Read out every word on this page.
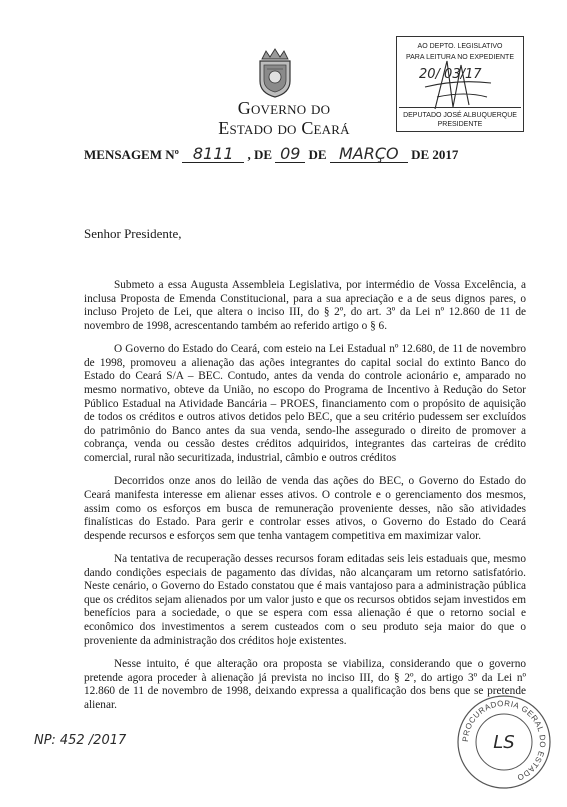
Governo do
Estado do Ceará
AO DEPTO. LEGISLATIVO
PARA LEITURA NO EXPEDIENTE
20/ 03/17
DEPUTADO JOSÉ ALBUQUERQUE
PRESIDENTE
MENSAGEM Nº 8111 , DE 09 DE MARÇO DE 2017
Senhor Presidente,

Submeto a essa Augusta Assembleia Legislativa, por intermédio de Vossa Excelência, a inclusa Proposta de Emenda Constitucional, para a sua apreciação e a de seus dignos pares, o incluso Projeto de Lei, que altera o inciso III, do § 2º, do art. 3º da Lei nº 12.860 de 11 de novembro de 1998, acrescentando também ao referido artigo o § 6.

O Governo do Estado do Ceará, com esteio na Lei Estadual nº 12.680, de 11 de novembro de 1998, promoveu a alienação das ações integrantes do capital social do extinto Banco do Estado do Ceará S/A – BEC. Contudo, antes da venda do controle acionário e, amparado no mesmo normativo, obteve da União, no escopo do Programa de Incentivo à Redução do Setor Público Estadual na Atividade Bancária – PROES, financiamento com o propósito de aquisição de todos os créditos e outros ativos detidos pelo BEC, que a seu critério pudessem ser excluídos do patrimônio do Banco antes da sua venda, sendo-lhe assegurado o direito de promover a cobrança, venda ou cessão destes créditos adquiridos, integrantes das carteiras de crédito comercial, rural não securitizada, industrial, câmbio e outros créditos

Decorridos onze anos do leilão de venda das ações do BEC, o Governo do Estado do Ceará manifesta interesse em alienar esses ativos. O controle e o gerenciamento dos mesmos, assim como os esforços em busca de remuneração proveniente desses, não são atividades finalísticas do Estado. Para gerir e controlar esses ativos, o Governo do Estado do Ceará despende recursos e esforços sem que tenha vantagem competitiva em maximizar valor.

Na tentativa de recuperação desses recursos foram editadas seis leis estaduais que, mesmo dando condições especiais de pagamento das dívidas, não alcançaram um retorno satisfatório. Neste cenário, o Governo do Estado constatou que é mais vantajoso para a administração pública que os créditos sejam alienados por um valor justo e que os recursos obtidos sejam investidos em benefícios para a sociedade, o que se espera com essa alienação é que o retorno social e econômico dos investimentos a serem custeados com o seu produto seja maior do que o proveniente da administração dos créditos hoje existentes.

Nesse intuito, é que alteração ora proposta se viabiliza, considerando que o governo pretende agora proceder à alienação já prevista no inciso III, do § 2º, do artigo 3º da Lei nº 12.860 de 11 de novembro de 1998, deixando expressa a qualificação dos bens que se pretende alienar.

NP: 452 /2017	PROCURADORIA GERAL DO ESTADO
LS
